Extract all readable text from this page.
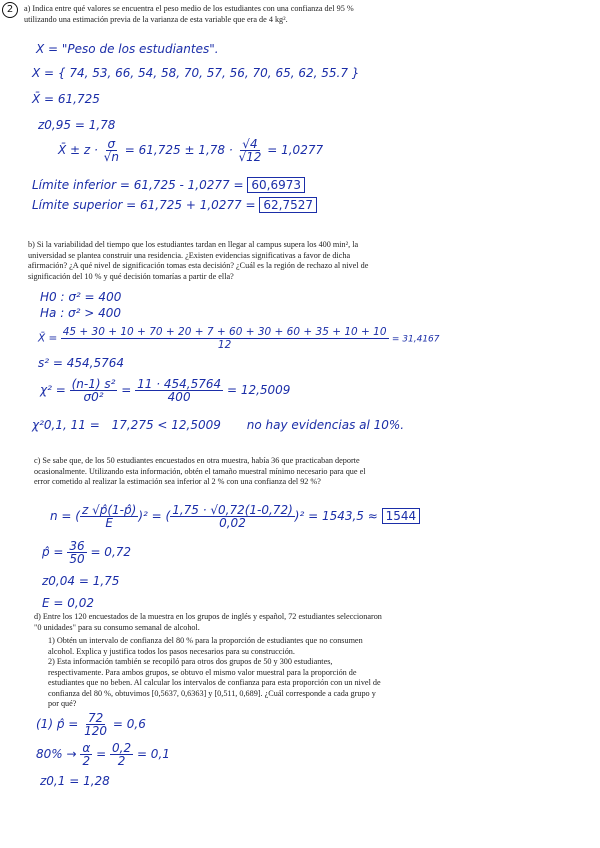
2	a) Indica entre qué valores se encuentra el peso medio de los estudiantes con una confianza del 95 % utilizando una estimación previa de la varianza de esta variable que era de 4 kg².
X = "Peso de los estudiantes".
X = { 74, 53, 66, 54, 58, 70, 57, 56, 70, 65, 62, 55.7 }
X̄ = 61,725
z0,95 = 1,78
X̄ ± $z \cdot \frac{\sigma}{√n} = 61,725 \pm 1,78 \cdot \frac{√4}{√12} = 1,0277$
Límite inferior = 61,725 - 1,0277 = 60,6973
Límite superior = 61,725 + 1,0277 = 62,7527
b) Si la variabilidad del tiempo que los estudiantes tardan en llegar al campus supera los 400 min², la universidad se plantea construir una residencia. ¿Existen evidencias significativas a favor de dicha afirmación? ¿A qué nivel de significación tomas esta decisión? ¿Cuál es la región de rechazo al nivel de significación del 10 % y qué decisión tomarías a partir de ella?
H0 : σ² = 400
Ha : σ² > 400
X̄ = $\frac{45 + 30 + 10 + 70 + 20 + 7 + 60 + 30 + 60 + 35 + 10 + 10}{12} = 31,4167$
s² = 454,5764
$\chi^2 = \frac{\text{(n-1) s²}}{\text{σ0²}} = \frac{11 \cdot 454,5764}{400} = 12,5009$
χ²0,1, 11 = 17,275 < 12,5009 no hay evidencias al 10%.
c) Se sabe que, de los 50 estudiantes encuestados en otra muestra, había 36 que practicaban deporte ocasionalmente. Utilizando esta información, obtén el tamaño muestral mínimo necesario para que el error cometido al realizar la estimación sea inferior al 2 % con una confianza del 92 %?
n = ( $\frac{z √p̂(1-p̂)}{E} )^2$ = ( $\frac{1,75 \cdot √0,72(1-0,72)}{0,02} )^2 = 1543,5 \approx 1544$
p̂ = $\frac{36}{50} = 0,72$
z0,04 = 1,75
E = 0,02
d) Entre los 120 encuestados de la muestra en los grupos de inglés y español, 72 estudiantes seleccionaron "0 unidades" para su consumo semanal de alcohol.
1) Obtén un intervalo de confianza del 80 % para la proporción de estudiantes que no consumen alcohol. Explica y justifica todos los pasos necesarios para su construcción.
2) Esta información también se recopiló para otros dos grupos de 50 y 300 estudiantes, respectivamente. Para ambos grupos, se obtuvo el mismo valor muestral para la proporción de estudiantes que no beben. Al calcular los intervalos de confianza para esta proporción con un nivel de confianza del 80 %, obtuvimos [0,5637, 0,6363] y [0,511, 0,689]. ¿Cuál corresponde a cada grupo y por qué?
(1) p̂ = $\frac{72}{120} = 0,6$
$80\% \to \frac{\alpha}{2} = \frac{0,2}{2} = 0,1$
z0,1 = 1,28
